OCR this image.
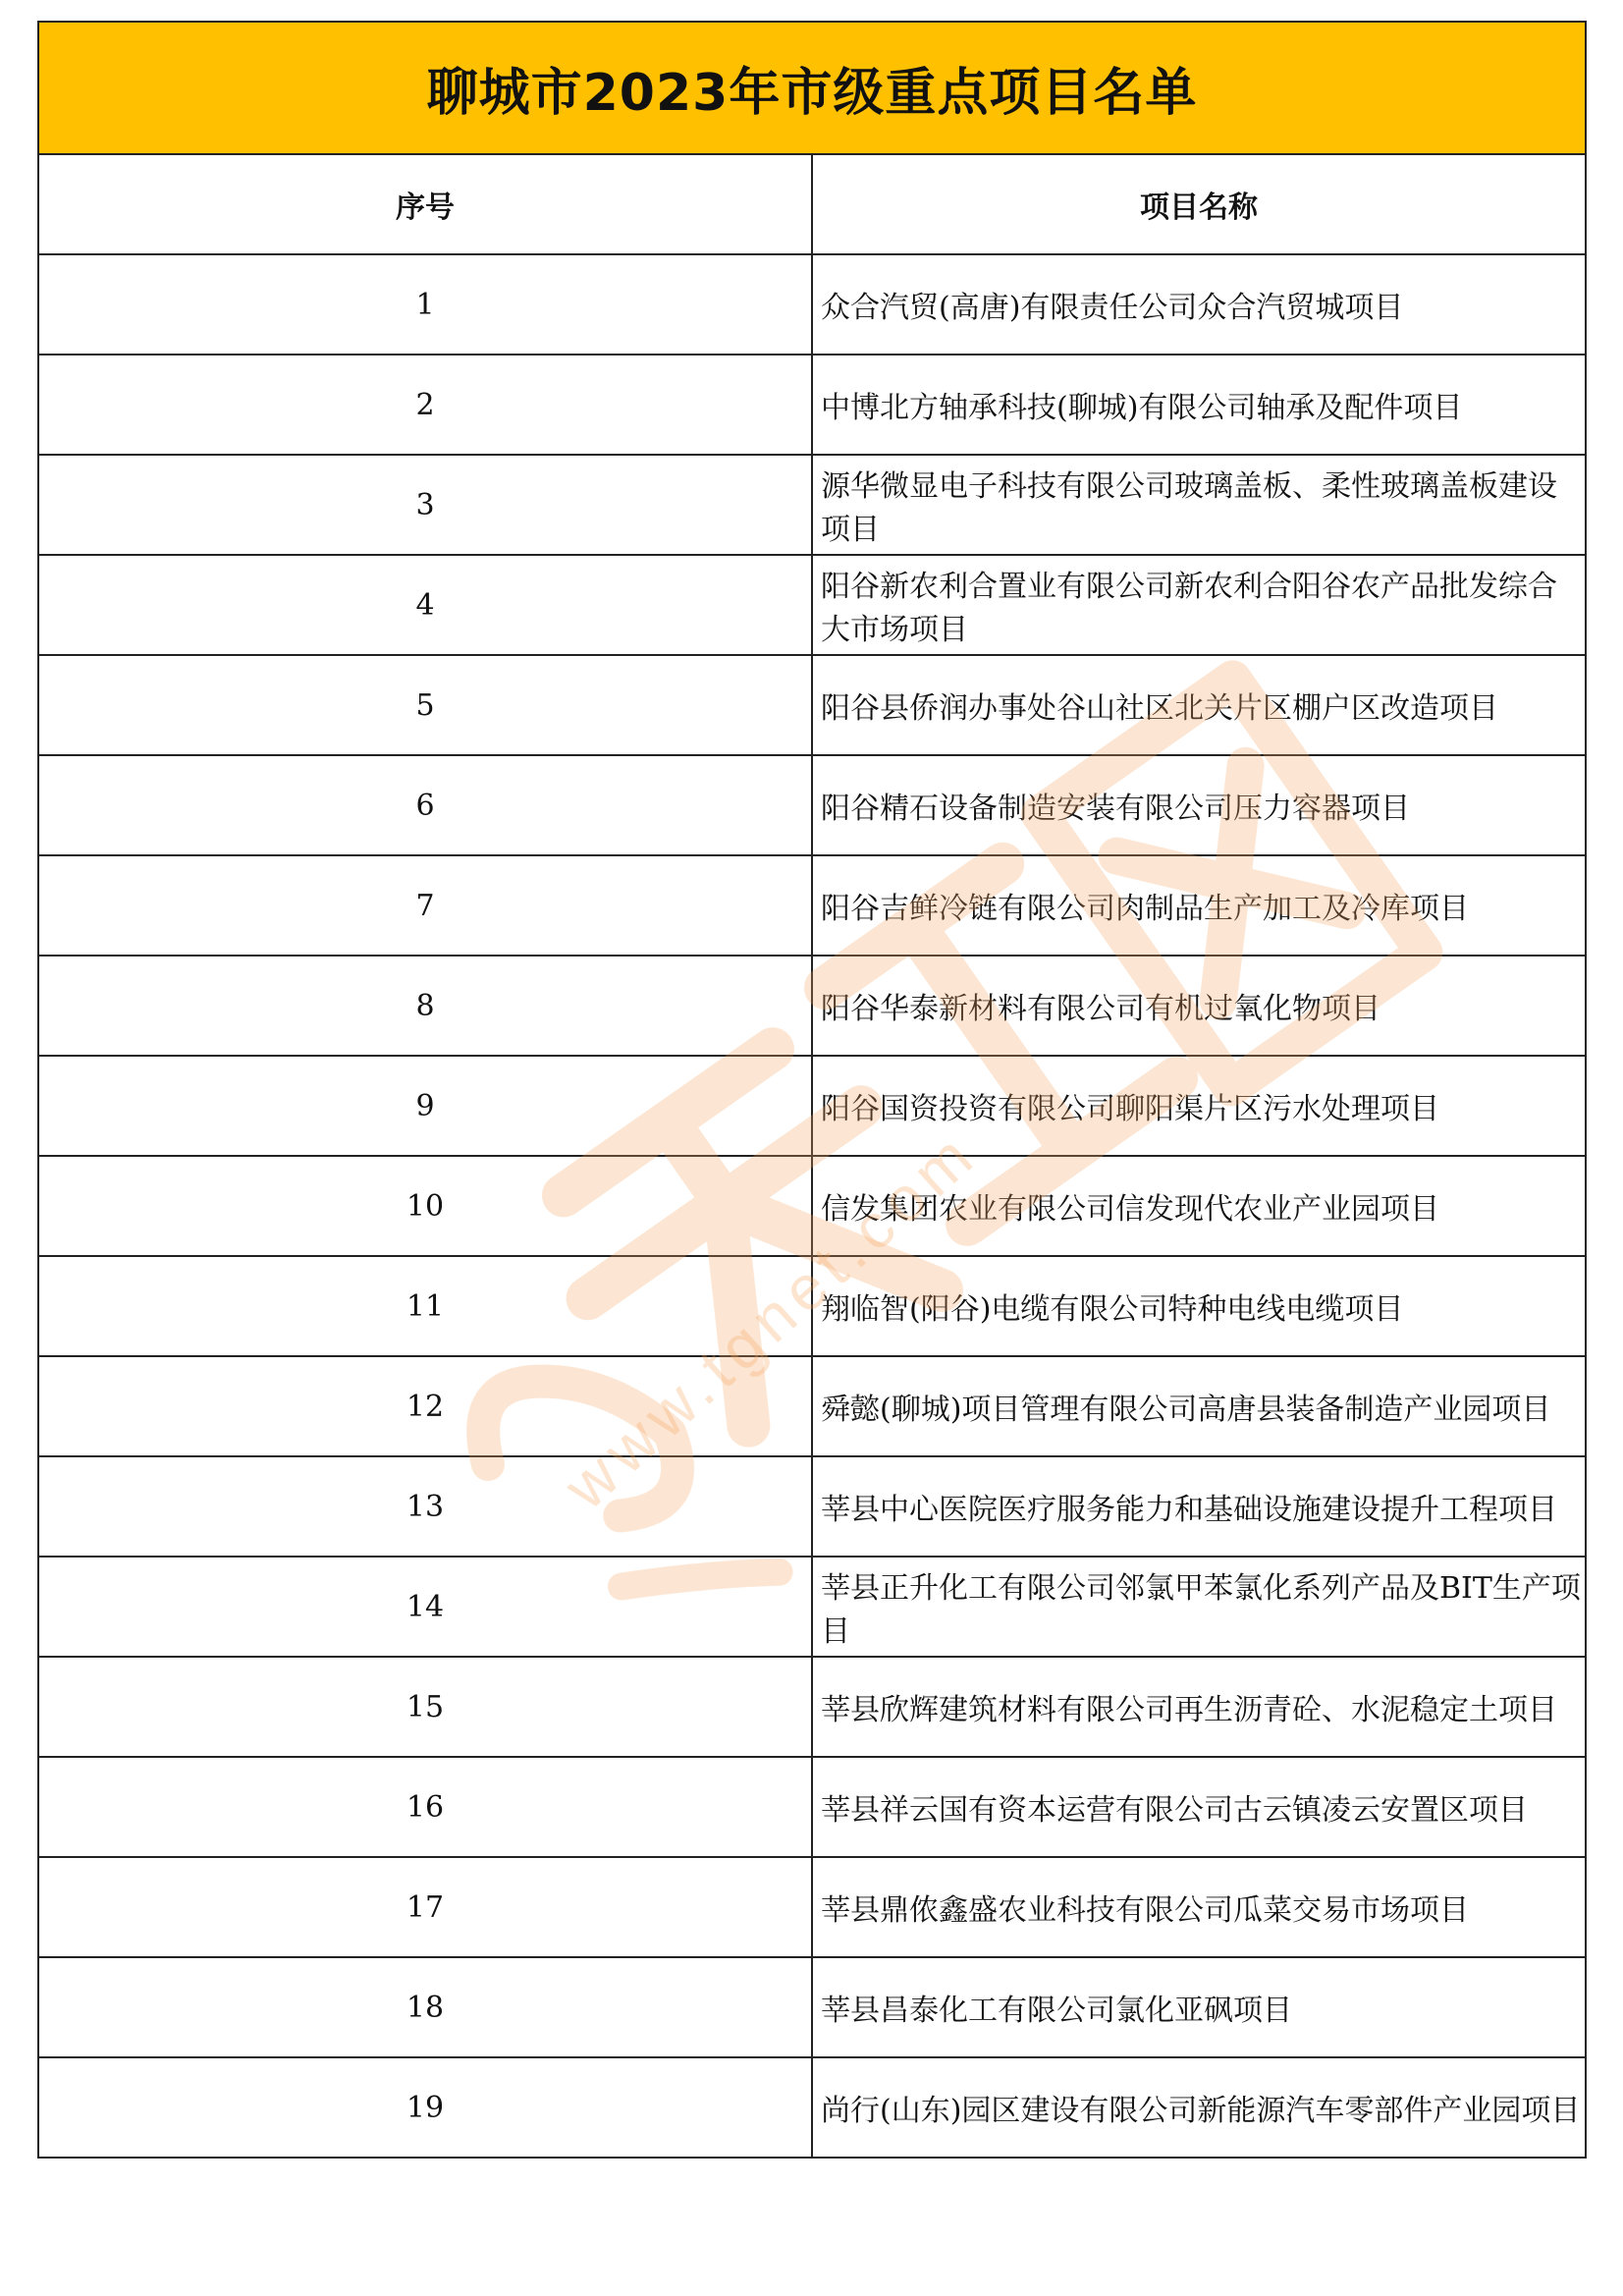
聊城市2023年市级重点项目名单	
序号	项目名称
1	众合汽贸(高唐)有限责任公司众合汽贸城项目
2	中博北方轴承科技(聊城)有限公司轴承及配件项目
3	源华微显电子科技有限公司玻璃盖板、柔性玻璃盖板建设项目
4	阳谷新农利合置业有限公司新农利合阳谷农产品批发综合大市场项目
5	阳谷县侨润办事处谷山社区北关片区棚户区改造项目
6	阳谷精石设备制造安装有限公司压力容器项目
7	阳谷吉鲜冷链有限公司肉制品生产加工及冷库项目
8	阳谷华泰新材料有限公司有机过氧化物项目
9	阳谷国资投资有限公司聊阳渠片区污水处理项目
10	信发集团农业有限公司信发现代农业产业园项目
11	翔临智(阳谷)电缆有限公司特种电线电缆项目
12	舜懿(聊城)项目管理有限公司高唐县装备制造产业园项目
13	莘县中心医院医疗服务能力和基础设施建设提升工程项目
14	莘县正升化工有限公司邻氯甲苯氯化系列产品及BIT生产项目
15	莘县欣辉建筑材料有限公司再生沥青砼、水泥稳定土项目
16	莘县祥云国有资本运营有限公司古云镇凌云安置区项目
17	莘县鼎侬鑫盛农业科技有限公司瓜菜交易市场项目
18	莘县昌泰化工有限公司氯化亚砜项目
19	尚行(山东)园区建设有限公司新能源汽车零部件产业园项目
www.tgnet.com
